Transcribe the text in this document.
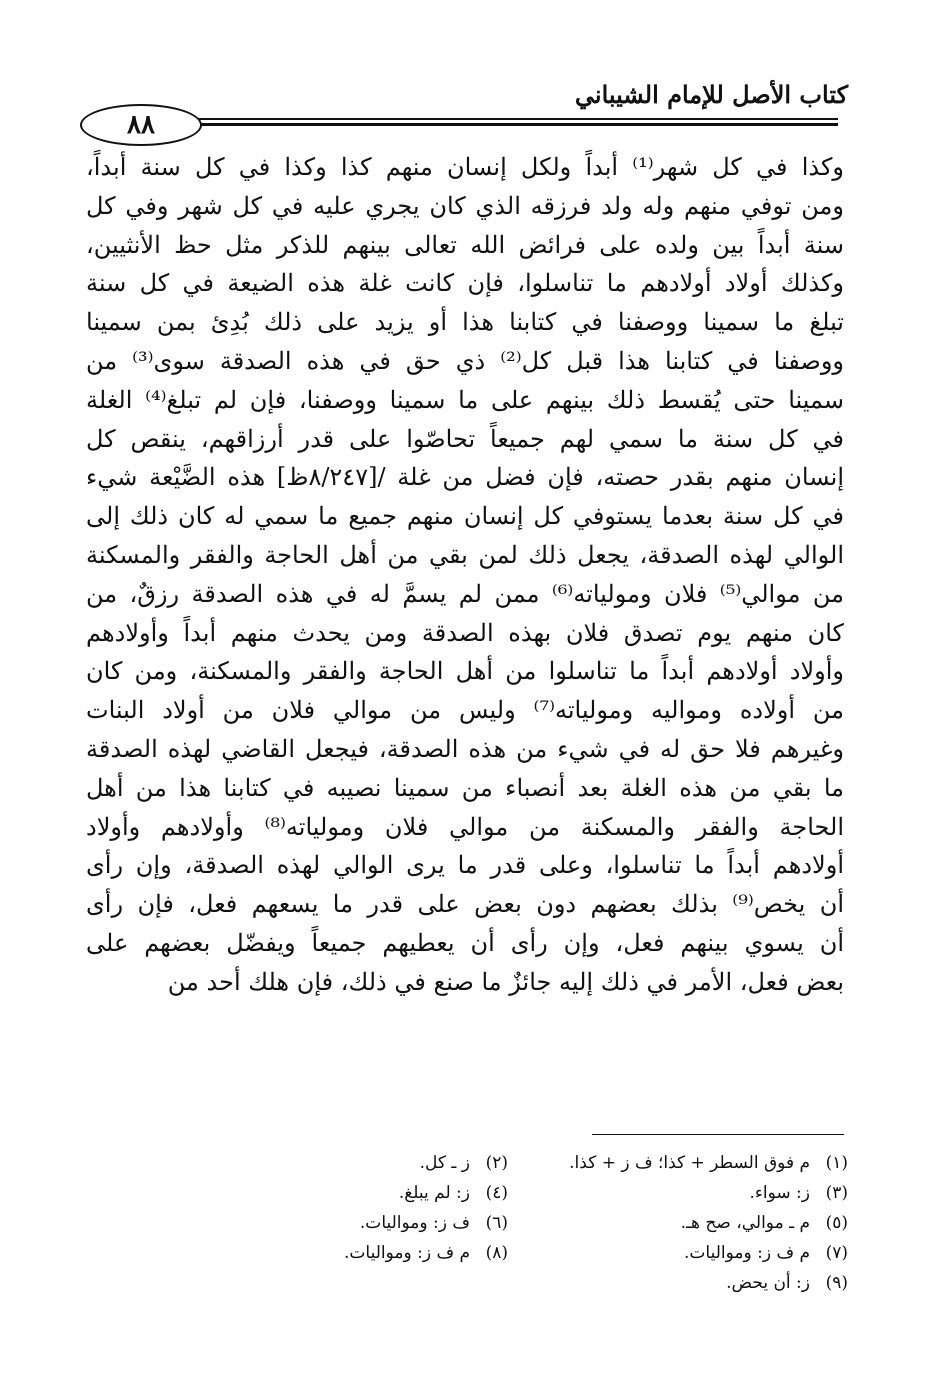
كتاب الأصل للإمام الشيباني
٨٨
وكذا في كل شهر⁽¹⁾ أبداً ولكل إنسان منهم كذا وكذا في كل سنة أبداً،
ومن توفي منهم وله ولد فرزقه الذي كان يجري عليه في كل شهر وفي كل
سنة أبداً بين ولده على فرائض الله تعالى بينهم للذكر مثل حظ الأنثيين،
وكذلك أولاد أولادهم ما تناسلوا، فإن كانت غلة هذه الضيعة في كل سنة
تبلغ ما سمينا ووصفنا في كتابنا هذا أو يزيد على ذلك بُدِئ بمن سمينا
ووصفنا في كتابنا هذا قبل كل⁽²⁾ ذي حق في هذه الصدقة سوى⁽³⁾ من
سمينا حتى يُقسط ذلك بينهم على ما سمينا ووصفنا، فإن لم تبلغ⁽⁴⁾ الغلة
في كل سنة ما سمي لهم جميعاً تحاصّوا على قدر أرزاقهم، ينقص كل
إنسان منهم بقدر حصته، فإن فضل من غلة /[٨/٢٤٧ظ] هذه الضَّيْعة شيء
في كل سنة بعدما يستوفي كل إنسان منهم جميع ما سمي له كان ذلك إلى
الوالي لهذه الصدقة، يجعل ذلك لمن بقي من أهل الحاجة والفقر والمسكنة
من موالي⁽⁵⁾ فلان ومولياته⁽⁶⁾ ممن لم يسمَّ له في هذه الصدقة رزقٌ، من
كان منهم يوم تصدق فلان بهذه الصدقة ومن يحدث منهم أبداً وأولادهم
وأولاد أولادهم أبداً ما تناسلوا من أهل الحاجة والفقر والمسكنة، ومن كان
من أولاده ومواليه ومولياته⁽⁷⁾ وليس من موالي فلان من أولاد البنات
وغيرهم فلا حق له في شيء من هذه الصدقة، فيجعل القاضي لهذه الصدقة
ما بقي من هذه الغلة بعد أنصباء من سمينا نصيبه في كتابنا هذا من أهل
الحاجة والفقر والمسكنة من موالي فلان ومولياته⁽⁸⁾ وأولادهم وأولاد
أولادهم أبداً ما تناسلوا، وعلى قدر ما يرى الوالي لهذه الصدقة، وإن رأى
أن يخص⁽⁹⁾ بذلك بعضهم دون بعض على قدر ما يسعهم فعل، فإن رأى
أن يسوي بينهم فعل، وإن رأى أن يعطيهم جميعاً ويفضّل بعضهم على
بعض فعل، الأمر في ذلك إليه جائزٌ ما صنع في ذلك، فإن هلك أحد من
(١)
م فوق السطر + كذا؛ ف ز + كذا.
(٢)
ز ـ كل.
(٣)
ز: سواء.
(٤)
ز: لم يبلغ.
(٥)
م ـ موالي، صح هـ.
(٦)
ف ز: ومواليات.
(٧)
م ف ز: ومواليات.
(٨)
م ف ز: ومواليات.
(٩)
ز: أن يحض.
